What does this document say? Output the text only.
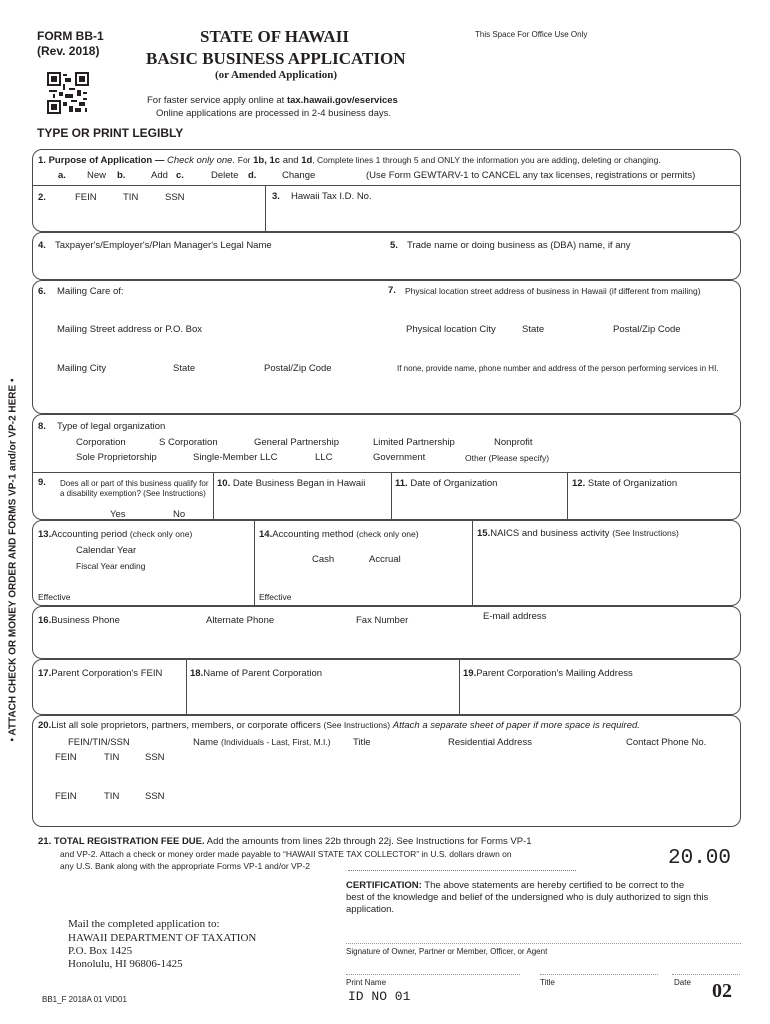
FORM BB-1
(Rev. 2018)
STATE OF HAWAII
BASIC BUSINESS APPLICATION
(or Amended Application)
This Space For Office Use Only
For faster service apply online at tax.hawaii.gov/eservices
Online applications are processed in 2-4 business days.
TYPE OR PRINT LEGIBLY
• ATTACH CHECK OR MONEY ORDER AND FORMS VP-1 and/or VP-2 HERE •
1. Purpose of Application — Check only one. For 1b, 1c and 1d, Complete lines 1 through 5 and ONLY the information you are adding, deleting or changing.
a. New b.	Add c.	Delete d.	Change	(Use Form GEWTARV-1 to CANCEL any tax licenses, registrations or permits)
2.	FEIN	TIN	SSN	3. Hawaii Tax I.D. No.
4. Taxpayer's/Employer's/Plan Manager's Legal Name	5. Trade name or doing business as (DBA) name, if any
6. Mailing Care of:	7. Physical location street address of business in Hawaii (if different from mailing)
Mailing Street address or P.O. Box	Physical location City	State	Postal/Zip Code
Mailing City	State	Postal/Zip Code	If none, provide name, phone number and address of the person performing services in HI.
8. Type of legal organization
Corporation	S Corporation	General Partnership	Limited Partnership	Nonprofit
Sole Proprietorship	Single-Member LLC	LLC	Government	Other (Please specify)
9. Does all or part of this business qualify for
a disability exemption? (See Instructions)
Yes	No
10. Date Business Began in Hawaii	11. Date of Organization	12. State of Organization
13.Accounting period (check only one)
Calendar Year
Fiscal Year ending
Effective
14.Accounting method (check only one)
Cash	Accrual
Effective
15.NAICS and business activity (See Instructions)
16.Business Phone	Alternate Phone	Fax Number	E-mail address
17.Parent Corporation's FEIN	18.Name of Parent Corporation	19.Parent Corporation's Mailing Address
20.List all sole proprietors, partners, members, or corporate officers (See Instructions) Attach a separate sheet of paper if more space is required.
FEIN/TIN/SSN	Name (Individuals - Last, First, M.I.) Title	Residential Address	Contact Phone No.
FEIN	TIN	SSN
FEIN	TIN	SSN
21. TOTAL REGISTRATION FEE DUE. Add the amounts from lines 22b through 22j. See Instructions for Forms VP-1
and VP-2. Attach a check or money order made payable to “HAWAII STATE TAX COLLECTOR” in U.S. dollars drawn on
any U.S. Bank along with the appropriate Forms VP-1 and/or VP-2	20.00
CERTIFICATION: The above statements are hereby certified to be correct to the
best of the knowledge and belief of the undersigned who is duly authorized to sign this
application.
Signature of Owner, Partner or Member, Officer, or Agent
Print Name	Title	Date
ID NO 01
Mail the completed application to:
HAWAII DEPARTMENT OF TAXATION
P.O. Box 1425
Honolulu, HI 96806-1425
BB1_F 2018A 01 VID01	02
